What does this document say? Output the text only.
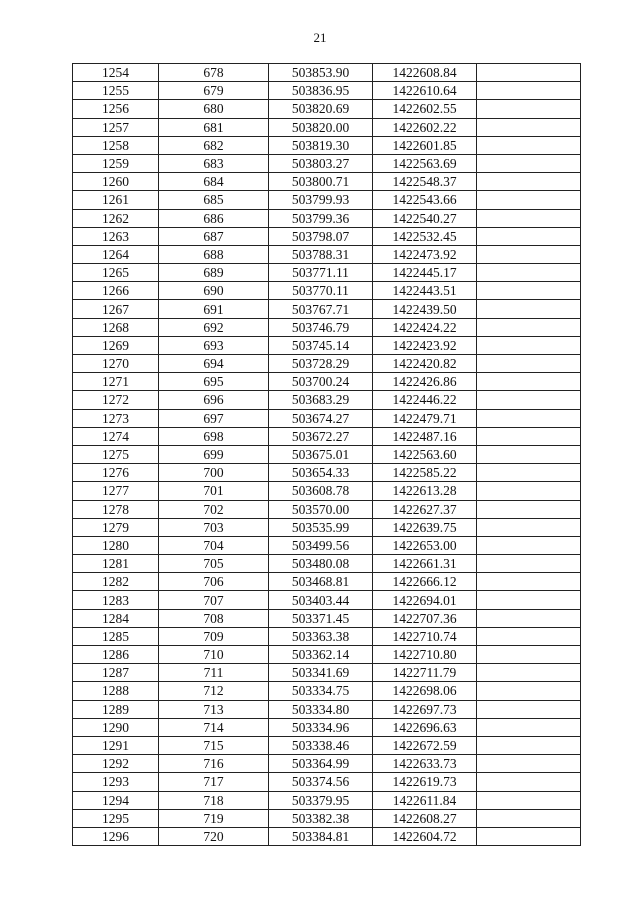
21
1254	678	503853.90	1422608.84	
1255	679	503836.95	1422610.64	
1256	680	503820.69	1422602.55	
1257	681	503820.00	1422602.22	
1258	682	503819.30	1422601.85	
1259	683	503803.27	1422563.69	
1260	684	503800.71	1422548.37	
1261	685	503799.93	1422543.66	
1262	686	503799.36	1422540.27	
1263	687	503798.07	1422532.45	
1264	688	503788.31	1422473.92	
1265	689	503771.11	1422445.17	
1266	690	503770.11	1422443.51	
1267	691	503767.71	1422439.50	
1268	692	503746.79	1422424.22	
1269	693	503745.14	1422423.92	
1270	694	503728.29	1422420.82	
1271	695	503700.24	1422426.86	
1272	696	503683.29	1422446.22	
1273	697	503674.27	1422479.71	
1274	698	503672.27	1422487.16	
1275	699	503675.01	1422563.60	
1276	700	503654.33	1422585.22	
1277	701	503608.78	1422613.28	
1278	702	503570.00	1422627.37	
1279	703	503535.99	1422639.75	
1280	704	503499.56	1422653.00	
1281	705	503480.08	1422661.31	
1282	706	503468.81	1422666.12	
1283	707	503403.44	1422694.01	
1284	708	503371.45	1422707.36	
1285	709	503363.38	1422710.74	
1286	710	503362.14	1422710.80	
1287	711	503341.69	1422711.79	
1288	712	503334.75	1422698.06	
1289	713	503334.80	1422697.73	
1290	714	503334.96	1422696.63	
1291	715	503338.46	1422672.59	
1292	716	503364.99	1422633.73	
1293	717	503374.56	1422619.73	
1294	718	503379.95	1422611.84	
1295	719	503382.38	1422608.27	
1296	720	503384.81	1422604.72	
